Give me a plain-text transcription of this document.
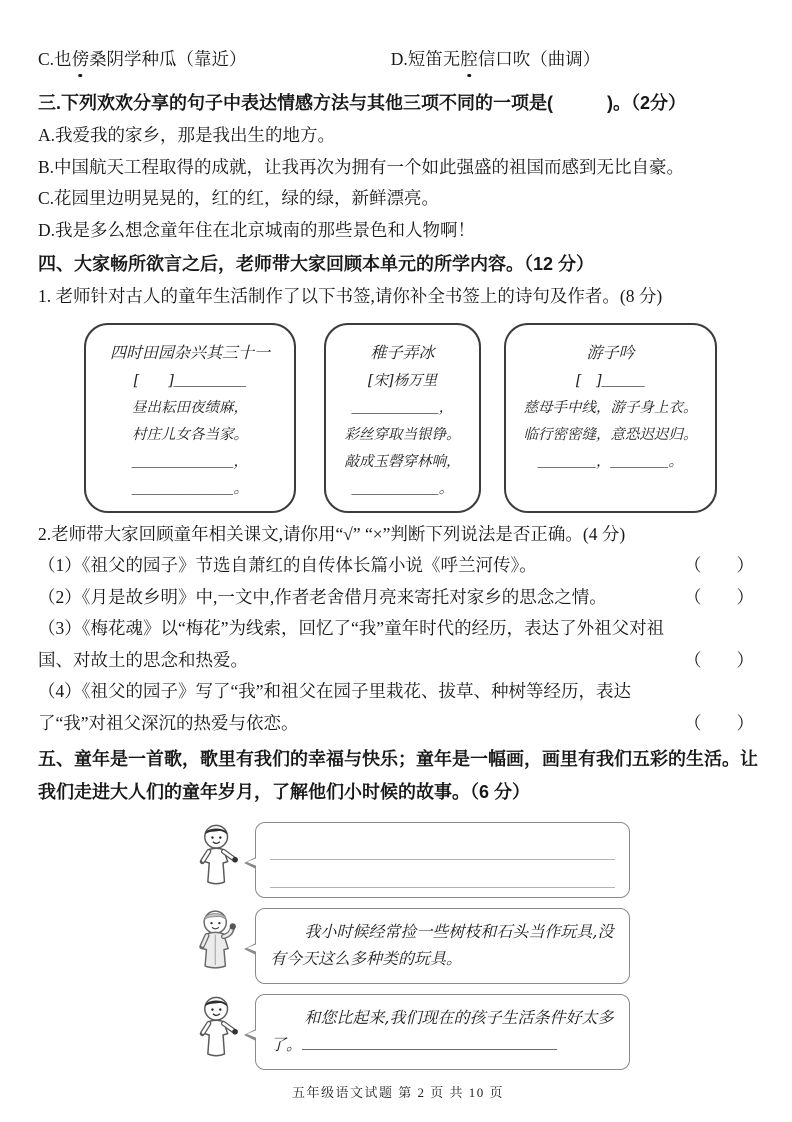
C.也傍桑阴学种瓜（靠近）	D.短笛无腔信口吹（曲调）
三.下列欢欢分享的句子中表达情感方法与其他三项不同的一项是(　　　)。（2分）
A.我爱我的家乡，那是我出生的地方。
B.中国航天工程取得的成就，让我再次为拥有一个如此强盛的祖国而感到无比自豪。
C.花园里边明晃晃的，红的红，绿的绿，新鲜漂亮。
D.我是多么想念童年住在北京城南的那些景色和人物啊！
四、大家畅所欲言之后，老师带大家回顾本单元的所学内容。（12 分）
1. 老师针对古人的童年生活制作了以下书签,请你补全书签上的诗句及作者。(8 分)
四时田园杂兴其三十一
[　　]＿＿＿＿＿
昼出耘田夜绩麻，
村庄儿女各当家。
＿＿＿＿＿＿＿，
＿＿＿＿＿＿＿。
稚子弄冰
[宋]杨万里
＿＿＿＿＿＿，
彩丝穿取当银铮。
敲成玉磬穿林响，
＿＿＿＿＿＿。
游子吟
[　]＿＿＿
慈母手中线，游子身上衣。
临行密密缝，意恐迟迟归。
＿＿＿＿，＿＿＿＿。
2.老师带大家回顾童年相关课文,请你用“√” “×”判断下列说法是否正确。(4 分)
（1）《祖父的园子》节选自萧红的自传体长篇小说《呼兰河传》。	（　　）
（2）《月是故乡明》中,一文中,作者老舍借月亮来寄托对家乡的思念之情。	（　　）
（3）《梅花魂》以“梅花”为线索，回忆了“我”童年时代的经历，表达了外祖父对祖国、对故土的思念和热爱。	（　　）
（4）《祖父的园子》写了“我”和祖父在园子里栽花、拔草、种树等经历，表达了“我”对祖父深沉的热爱与依恋。	（　　）
五、童年是一首歌，歌里有我们的幸福与快乐；童年是一幅画，画里有我们五彩的生活。让我们走进大人们的童年岁月，了解他们小时候的故事。（6 分）

我小时候经常捡一些树枝和石头当作玩具,没有今天这么多种类的玩具。

和您比起来,我们现在的孩子生活条件好太多了。

五年级语文试题 第 2 页 共 10 页
